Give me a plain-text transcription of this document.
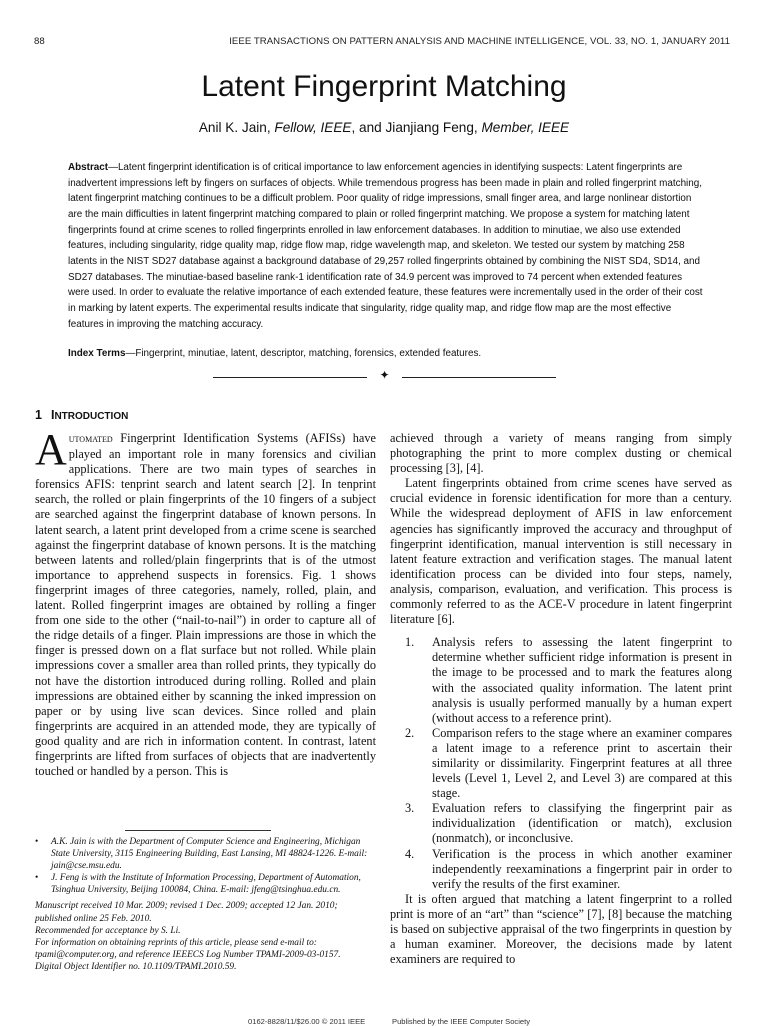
88	IEEE TRANSACTIONS ON PATTERN ANALYSIS AND MACHINE INTELLIGENCE, VOL. 33, NO. 1, JANUARY 2011
Latent Fingerprint Matching
Anil K. Jain, Fellow, IEEE, and Jianjiang Feng, Member, IEEE

Abstract—Latent fingerprint identification is of critical importance to law enforcement agencies in identifying suspects: Latent fingerprints are inadvertent impressions left by fingers on surfaces of objects. While tremendous progress has been made in plain and rolled fingerprint matching, latent fingerprint matching continues to be a difficult problem. Poor quality of ridge impressions, small finger area, and large nonlinear distortion are the main difficulties in latent fingerprint matching compared to plain or rolled fingerprint matching. We propose a system for matching latent fingerprints found at crime scenes to rolled fingerprints enrolled in law enforcement databases. In addition to minutiae, we also use extended features, including singularity, ridge quality map, ridge flow map, ridge wavelength map, and skeleton. We tested our system by matching 258 latents in the NIST SD27 database against a background database of 29,257 rolled fingerprints obtained by combining the NIST SD4, SD14, and SD27 databases. The minutiae-based baseline rank-1 identification rate of 34.9 percent was improved to 74 percent when extended features were used. In order to evaluate the relative importance of each extended feature, these features were incrementally used in the order of their cost in marking by latent experts. The experimental results indicate that singularity, ridge quality map, and ridge flow map are the most effective features in improving the matching accuracy.

Index Terms—Fingerprint, minutiae, latent, descriptor, matching, forensics, extended features.

✦
1 INTRODUCTION

Automated Fingerprint Identification Systems (AFISs) have played an important role in many forensics and civilian applications. There are two main types of searches in forensics AFIS: tenprint search and latent search [2]. In tenprint search, the rolled or plain fingerprints of the 10 fingers of a subject are searched against the fingerprint database of known persons. In latent search, a latent print developed from a crime scene is searched against the fingerprint database of known persons. It is the matching between latents and rolled/plain fingerprints that is of the utmost importance to apprehend suspects in forensics. Fig. 1 shows fingerprint images of three categories, namely, rolled, plain, and latent. Rolled fingerprint images are obtained by rolling a finger from one side to the other (“nail-to-nail”) in order to capture all of the ridge details of a finger. Plain impressions are those in which the finger is pressed down on a flat surface but not rolled. While plain impressions cover a smaller area than rolled prints, they typically do not have the distortion introduced during rolling. Rolled and plain impressions are obtained either by scanning the inked impression on paper or by using live scan devices. Since rolled and plain fingerprints are acquired in an attended mode, they are typically of good quality and are rich in information content. In contrast, latent fingerprints are lifted from surfaces of objects that are inadvertently touched or handled by a person. This is

achieved through a variety of means ranging from simply photographing the print to more complex dusting or chemical processing [3], [4].

Latent fingerprints obtained from crime scenes have served as crucial evidence in forensic identification for more than a century. While the widespread deployment of AFIS in law enforcement agencies has significantly improved the accuracy and throughput of fingerprint identification, manual intervention is still necessary in latent feature extraction and verification stages. The manual latent identification process can be divided into four steps, namely, analysis, comparison, evaluation, and verification. This process is commonly referred to as the ACE-V procedure in latent fingerprint literature [6].

1. Analysis refers to assessing the latent fingerprint to determine whether sufficient ridge information is present in the image to be processed and to mark the features along with the associated quality information. The latent print analysis is usually performed manually by a human expert (without access to a reference print).
2. Comparison refers to the stage where an examiner compares a latent image to a reference print to ascertain their similarity or dissimilarity. Fingerprint features at all three levels (Level 1, Level 2, and Level 3) are compared at this stage.
3. Evaluation refers to classifying the fingerprint pair as individualization (identification or match), exclusion (nonmatch), or inconclusive.
4. Verification is the process in which another examiner independently reexaminations a fingerprint pair in order to verify the results of the first examiner.

It is often argued that matching a latent fingerprint to a rolled print is more of an “art” than “science” [7], [8] because the matching is based on subjective appraisal of the two fingerprints in question by a human examiner. Moreover, the decisions made by latent examiners are required to

• A.K. Jain is with the Department of Computer Science and Engineering, Michigan State University, 3115 Engineering Building, East Lansing, MI 48824-1226. E-mail: jain@cse.msu.edu.

• J. Feng is with the Institute of Information Processing, Department of Automation, Tsinghua University, Beijing 100084, China. E-mail: jfeng@tsinghua.edu.cn.

Manuscript received 10 Mar. 2009; revised 1 Dec. 2009; accepted 12 Jan. 2010; published online 25 Feb. 2010.

Recommended for acceptance by S. Li.

For information on obtaining reprints of this article, please send e-mail to: tpami@computer.org, and reference IEEECS Log Number TPAMI-2009-03-0157.

Digital Object Identifier no. 10.1109/TPAMI.2010.59.

0162-8828/11/$26.00 © 2011 IEEE	Published by the IEEE Computer Society
